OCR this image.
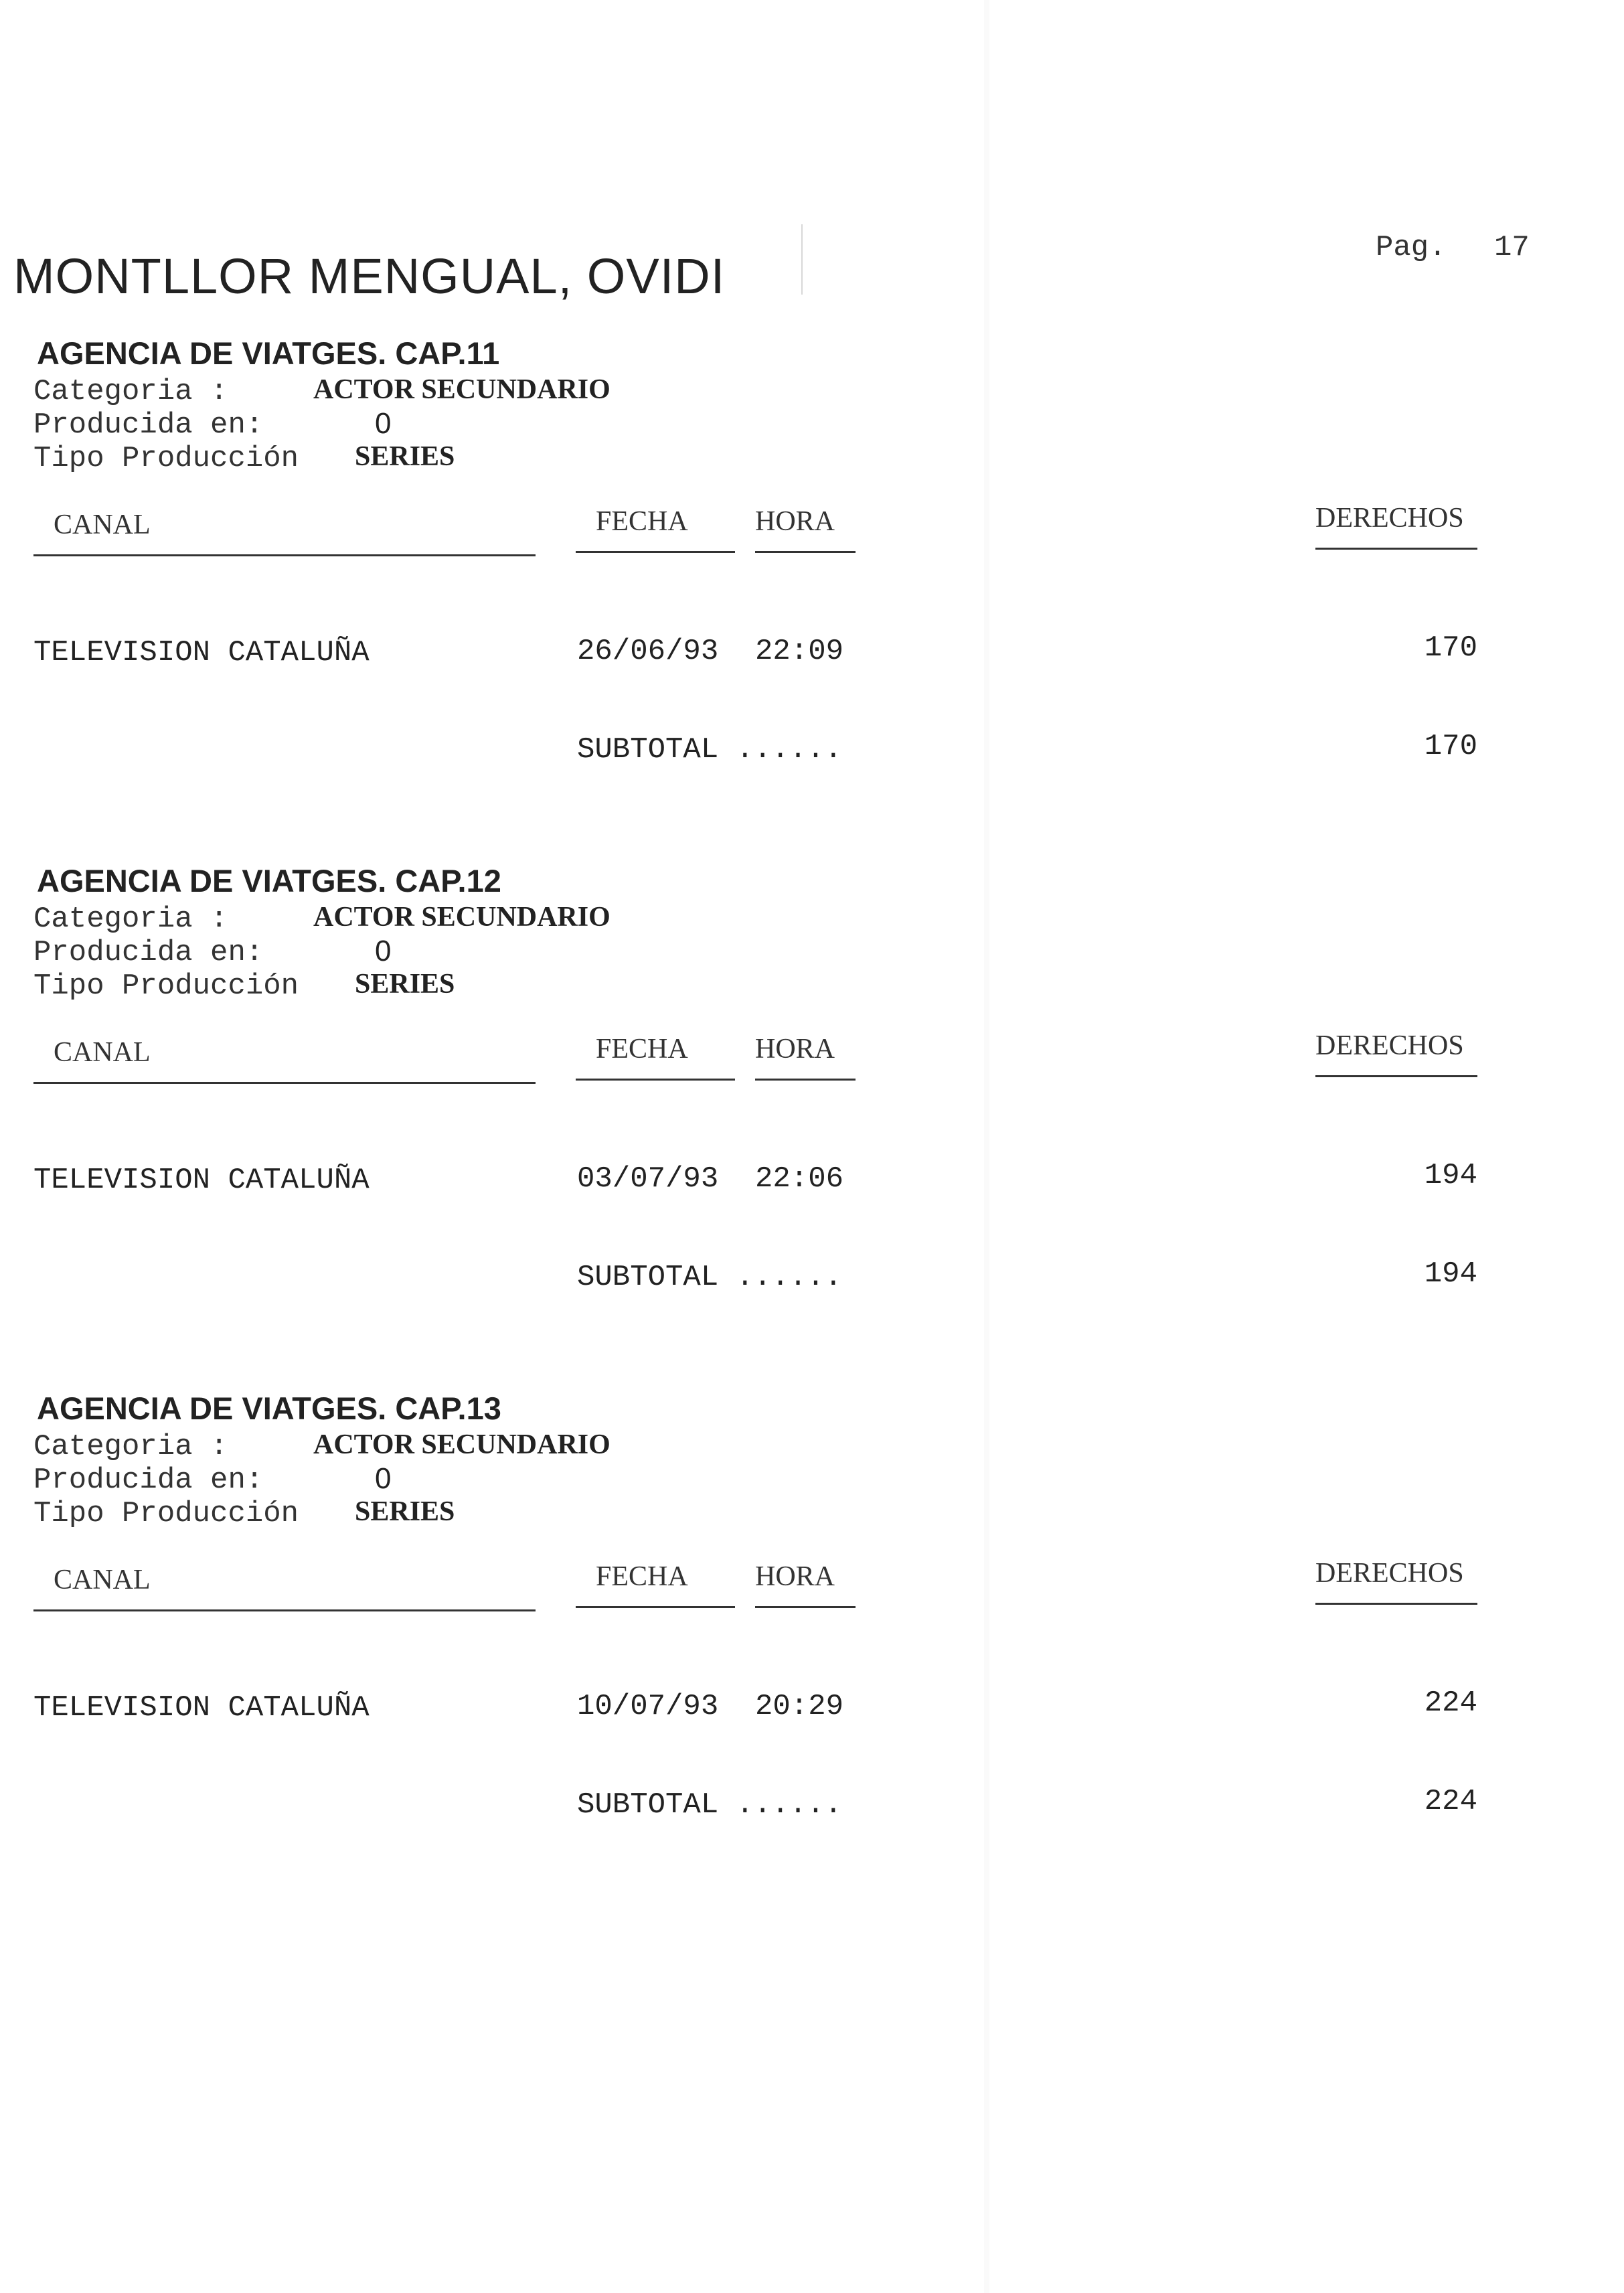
MONTLLOR MENGUAL, OVIDI
Pag. 17
AGENCIA DE VIATGES. CAP.11
Categoria :	ACTOR SECUNDARIO
Producida en:	0
Tipo Producción SERIES
CANAL	FECHA HORA	DERECHOS
TELEVISION CATALUÑA	26/06/93 22:09	170
SUBTOTAL ......	170
AGENCIA DE VIATGES. CAP.12
Categoria :	ACTOR SECUNDARIO
Producida en:	0
Tipo Producción SERIES
CANAL	FECHA HORA	DERECHOS
TELEVISION CATALUÑA	03/07/93 22:06	194
SUBTOTAL ......	194
AGENCIA DE VIATGES. CAP.13
Categoria :	ACTOR SECUNDARIO
Producida en:	0
Tipo Producción SERIES
CANAL	FECHA HORA	DERECHOS
TELEVISION CATALUÑA	10/07/93 20:29	224
SUBTOTAL ......	224
